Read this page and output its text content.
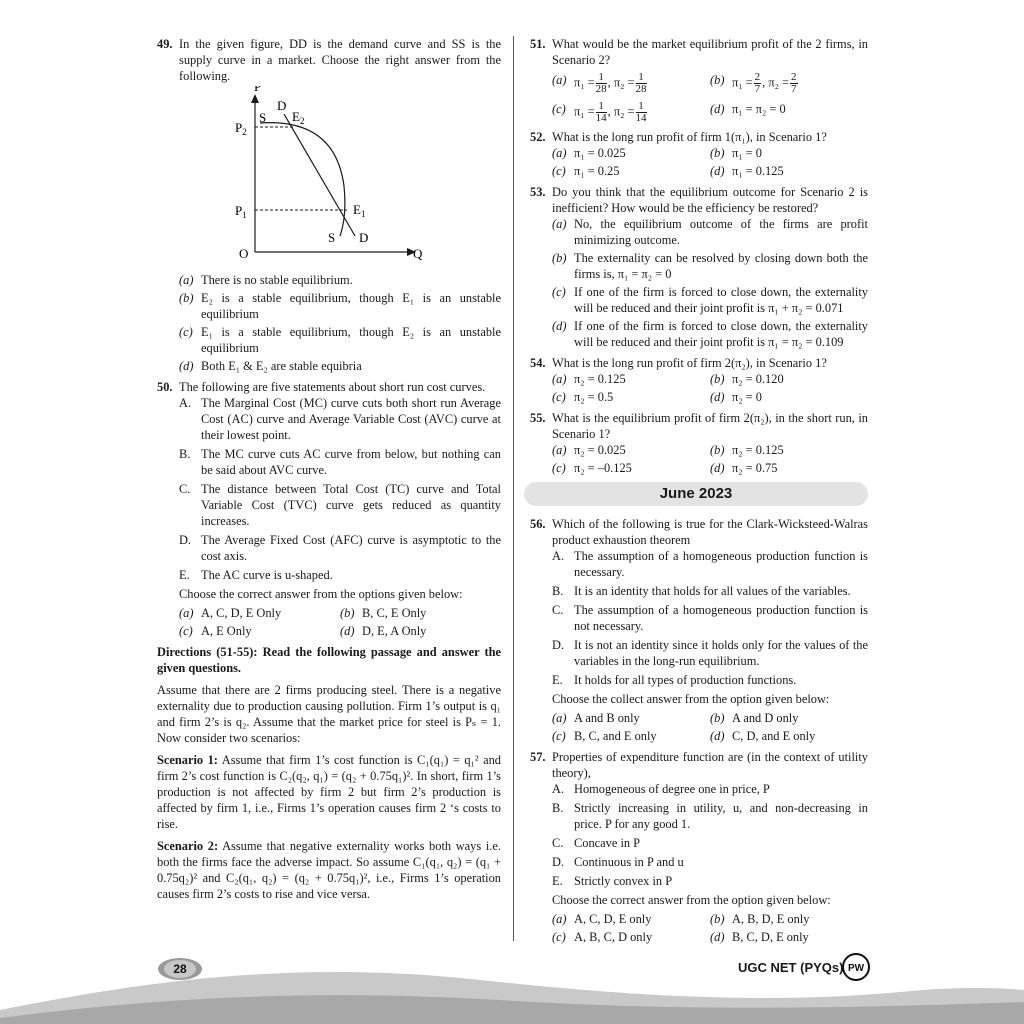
49. In the given figure, DD is the demand curve and SS is the supply curve in a market. Choose the right answer from the following.
P
$P_2$
$P_1$
O	Q
S
D
$E_2$
$E_1$
S D
(a) There is no stable equilibrium.
(b) E₂ is a stable equilibrium, though E₁ is an unstable equilibrium
(c) E₁ is a stable equilibrium, though E₂ is an unstable equilibrium
(d) Both E₁ & E₂ are stable equibria
50. The following are five statements about short run cost curves.
A. The Marginal Cost (MC) curve cuts both short run Average Cost (AC) curve and Average Variable Cost (AVC) curve at their lowest point.
B. The MC curve cuts AC curve from below, but nothing can be said about AVC curve.
C. The distance between Total Cost (TC) curve and Total Variable Cost (TVC) curve gets reduced as quantity increases.
D. The Average Fixed Cost (AFC) curve is asymptotic to the cost axis.
E. The AC curve is u-shaped.
Choose the correct answer from the options given below:
(a) A, C, D, E Only	(b) B, C, E Only
(c) A, E Only	(d) D, E, A Only
Directions (51-55): Read the following passage and answer the given questions.
Assume that there are 2 firms producing steel. There is a negative externality due to production causing pollution. Firm 1’s output is q₁ and firm 2’s is q₂. Assume that the market price for steel is Pₛ = 1. Now consider two scenarios:
Scenario 1: Assume that firm 1’s cost function is C₁(q₁) = q₁² and firm 2’s cost function is C₂(q₂, q₁) = (q₂ + 0.75q₁)². In short, firm 1’s production is not affected by firm 2 but firm 2’s production is affected by firm 1, i.e., Firms 1’s operation causes firm 2 ‘s costs to rise.
Scenario 2: Assume that negative externality works both ways i.e. both the firms face the adverse impact. So assume C₁(q₁, q₂) = (q₁ + 0.75q₂)² and C₂(q₁, q₂) = (q₂ + 0.75q₁)², i.e., Firms 1’s operation causes firm 2’s costs to rise and vice versa.
51. What would be the market equilibrium profit of the 2 firms, in Scenario 2?
(a) $\pi_1 = \frac{1}{28}$ , $\pi_2 = \frac{1}{28}$	(b) $\pi_1 = \frac{2}{7}$ , $\pi_2 = \frac{2}{7}$
(c) $\pi_1 = \frac{1}{14}$ , $\pi_2 = \frac{1}{14}$	(d) π₁ = π₂ = 0
52. What is the long run profit of firm 1(π₁), in Scenario 1?
(a) π₁ = 0.025	(b) π₁ = 0
(c) π₁ = 0.25	(d) π₁ = 0.125
53. Do you think that the equilibrium outcome for Scenario 2 is inefficient? How would be the efficiency be restored?
(a) No, the equilibrium outcome of the firms are profit minimizing outcome.
(b) The externality can be resolved by closing down both the firms is, π₁ = π₂ = 0
(c) If one of the firm is forced to close down, the externality will be reduced and their joint profit is π₁ + π₂ = 0.071
(d) If one of the firm is forced to close down, the externality will be reduced and their joint profit is π₁ = π₂ = 0.109
54. What is the long run profit of firm 2(π₂), in Scenario 1?
(a) π₂ = 0.125	(b) π₂ = 0.120
(c) π₂ = 0.5	(d) π₂ = 0
55. What is the equilibrium profit of firm 2(π₂), in the short run, in Scenario 1?
(a) π₂ = 0.025	(b) π₂ = 0.125
(c) π₂ = –0.125	(d) π₂ = 0.75
June 2023
56. Which of the following is true for the Clark-Wicksteed-Walras product exhaustion theorem
A. The assumption of a homogeneous production function is necessary.
B. It is an identity that holds for all values of the variables.
C. The assumption of a homogeneous production function is not necessary.
D. It is not an identity since it holds only for the values of the variables in the long-run equilibrium.
E. It holds for all types of production functions.
Choose the collect answer from the option given below:
(a) A and B only	(b) A and D only
(c) B, C, and E only	(d) C, D, and E only
57. Properties of expenditure function are (in the context of utility theory),
A. Homogeneous of degree one in price, P
B. Strictly increasing in utility, u, and non-decreasing in price. P for any good 1.
C. Concave in P
D. Continuous in P and u
E. Strictly convex in P
Choose the correct answer from the option given below:
(a) A, C, D, E only	(b) A, B, D, E only
(c) A, B, C, D only	(d) B, C, D, E only
28	UGC NET (PYQs) PW
